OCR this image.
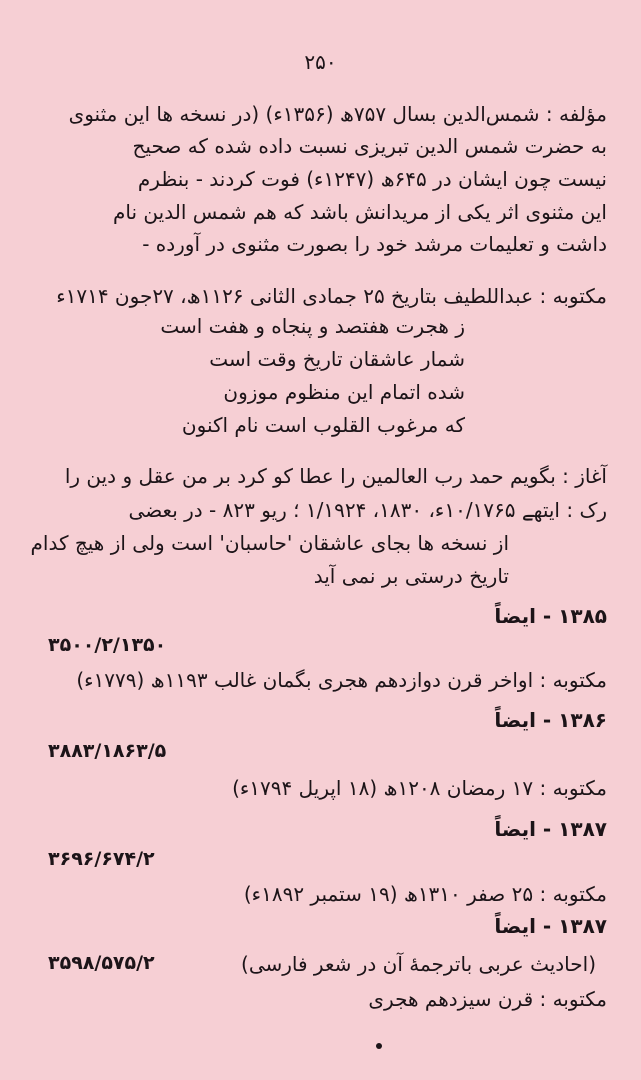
۲۵۰
مؤلفه : شمس‌الدین بسال ۷۵۷ھ (۱۳۵۶ء) (در نسخه ها این مثنوی
به حضرت شمس الدین تبریزی نسبت داده شده که صحیح
نیست چون ایشان در ۶۴۵ھ (۱۲۴۷ء) فوت کردند - بنظرم
این مثنوی اثر یکی از مریدانش باشد که هم شمس الدین نام
داشت و تعلیمات مرشد خود را بصورت مثنوی در آورده -
مکتوبه : عبداللطیف بتاریخ ۲۵ جمادی الثانی ۱۱۲۶ھ، ۲۷جون ۱۷۱۴ء
ز هجرت هفتصد و پنجاه و هفت است
شمار عاشقان تاریخ وقت است
شده اتمام این منظوم موزون
که مرغوب القلوب است نام اکنون
آغاز : بگویم حمد رب العالمین را عطا کو کرد بر من عقل و دین را
رک : ایتھے ۱۰/۱۷۶۵ء، ۱۸۳۰، ۱/۱۹۲۴ ؛ ریو ۸۲۳ - در بعضی
از نسخه ها بجای عاشقان 'حاسبان' است ولی از هیچ کدام
تاریخ درستی بر نمی آید
۱۳۸۵ - ایضاً
۳۵۰۰/۲/۱۳۵۰
مکتوبه : اواخر قرن دوازدهم هجری بگمان غالب ۱۱۹۳ھ (۱۷۷۹ء)
۱۳۸۶ - ایضاً
۳۸۸۳/۱۸۶۳/۵
مکتوبه : ۱۷ رمضان ۱۲۰۸ھ (۱۸ اپریل ۱۷۹۴ء)
۱۳۸۷ - ایضاً
۳۶۹۶/۶۷۴/۲
مکتوبه : ۲۵ صفر ۱۳۱۰ھ (۱۹ ستمبر ۱۸۹۲ء)
۱۳۸۷ - ایضاً
(احادیث عربی باترجمهٔ آن در شعر فارسی)
۳۵۹۸/۵۷۵/۲
مکتوبه : قرن سیزدهم هجری
